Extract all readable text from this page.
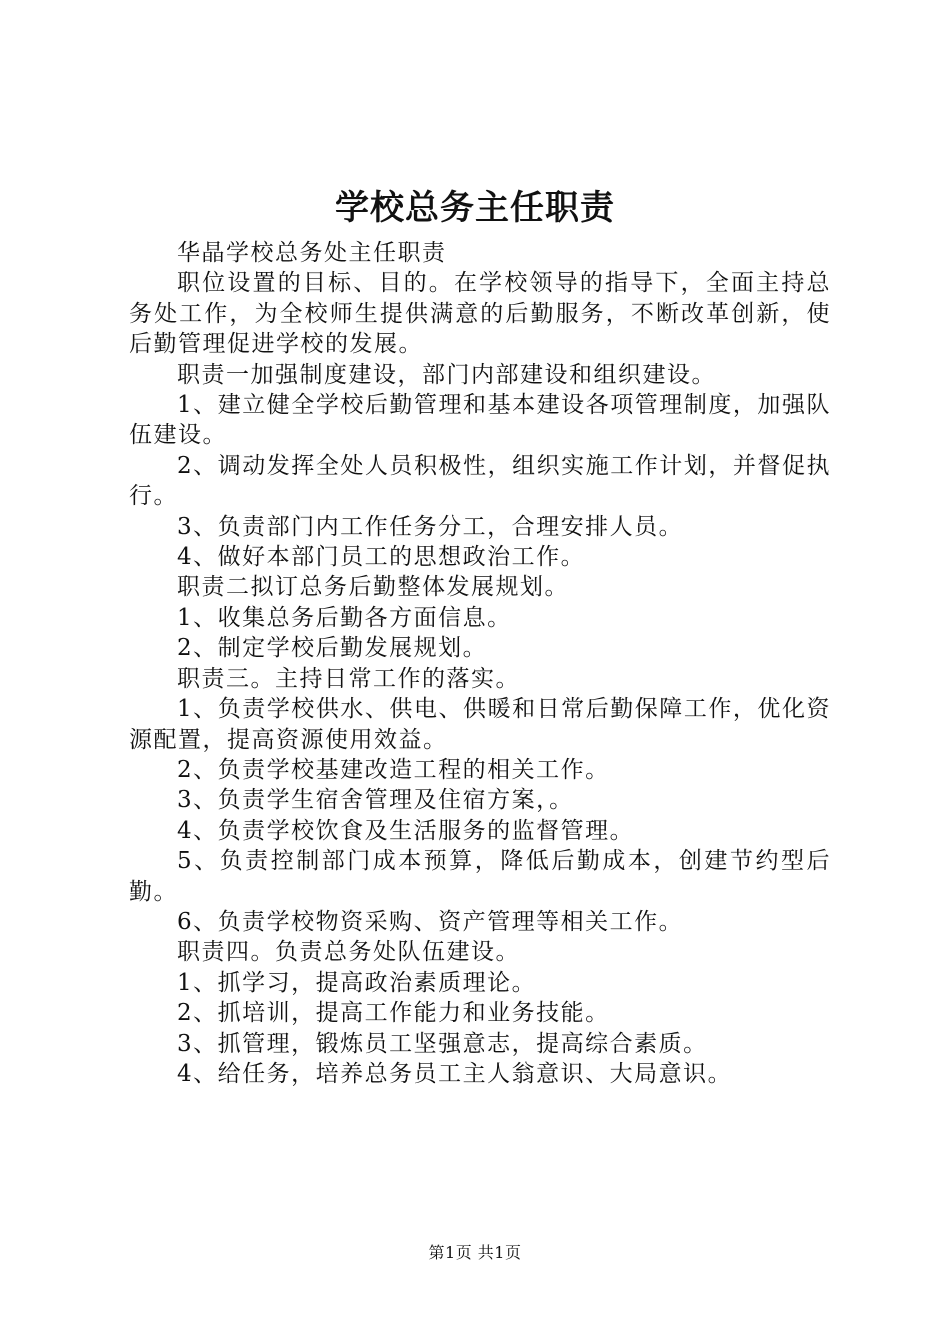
学校总务主任职责

华晶学校总务处主任职责

职位设置的目标、目的。在学校领导的指导下，全面主持总务处工作，为全校师生提供满意的后勤服务，不断改革创新，使后勤管理促进学校的发展。

职责一加强制度建设，部门内部建设和组织建设。

1、建立健全学校后勤管理和基本建设各项管理制度，加强队伍建设。

2、调动发挥全处人员积极性，组织实施工作计划，并督促执行。

3、负责部门内工作任务分工，合理安排人员。

4、做好本部门员工的思想政治工作。

职责二拟订总务后勤整体发展规划。

1、收集总务后勤各方面信息。

2、制定学校后勤发展规划。

职责三。主持日常工作的落实。

1、负责学校供水、供电、供暖和日常后勤保障工作，优化资源配置，提高资源使用效益。

2、负责学校基建改造工程的相关工作。

3、负责学生宿舍管理及住宿方案，。

4、负责学校饮食及生活服务的监督管理。

5、负责控制部门成本预算，降低后勤成本，创建节约型后勤。

6、负责学校物资采购、资产管理等相关工作。

职责四。负责总务处队伍建设。

1、抓学习，提高政治素质理论。

2、抓培训，提高工作能力和业务技能。

3、抓管理，锻炼员工坚强意志，提高综合素质。

4、给任务，培养总务员工主人翁意识、大局意识。

第1页 共1页
